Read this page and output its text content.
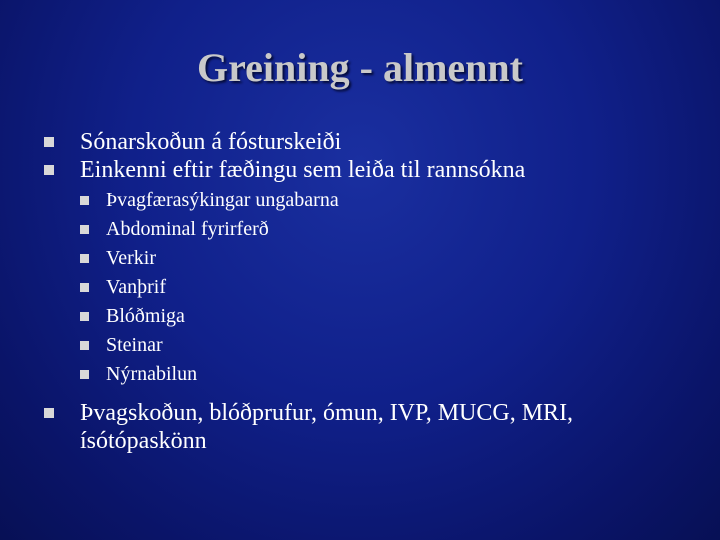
Greining - almennt
Sónarskoðun á fósturskeiði
Einkenni eftir fæðingu sem leiða til rannsókna
Þvagfærasýkingar ungabarna
Abdominal fyrirferð
Verkir
Vanþrif
Blóðmiga
Steinar
Nýrnabilun
Þvagskoðun, blóðprufur, ómun, IVP, MUCG, MRI, ísótópaskönn
